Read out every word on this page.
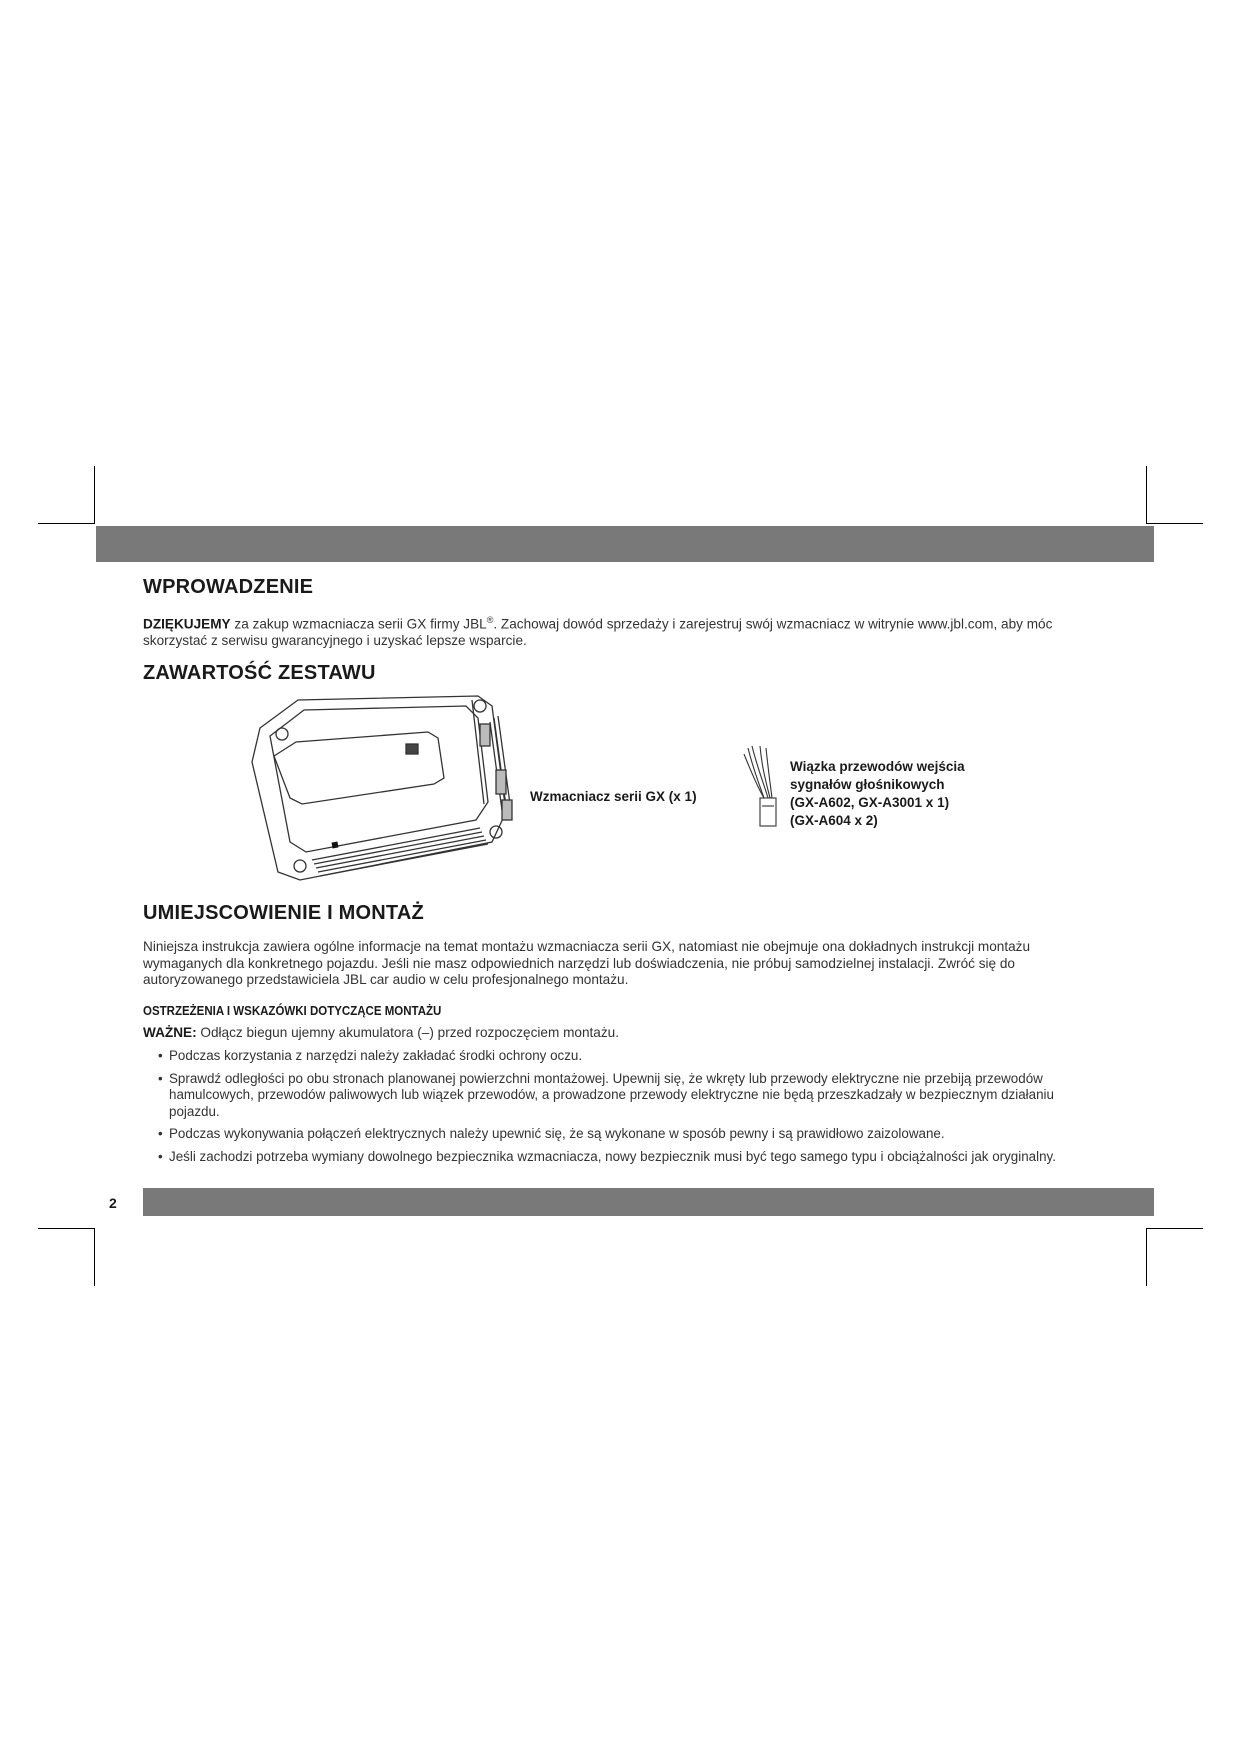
WPROWADZENIE
DZIĘKUJEMY za zakup wzmacniacza serii GX firmy JBL®. Zachowaj dowód sprzedaży i zarejestruj swój wzmacniacz w witrynie www.jbl.com, aby móc skorzystać z serwisu gwarancyjnego i uzyskać lepsze wsparcie.
ZAWARTOŚĆ ZESTAWU
Wzmacniacz serii GX (x 1)
Wiązka przewodów wejścia
sygnałów głośnikowych
(GX-A602, GX-A3001 x 1)
(GX-A604 x 2)
UMIEJSCOWIENIE I MONTAŻ
Niniejsza instrukcja zawiera ogólne informacje na temat montażu wzmacniacza serii GX, natomiast nie obejmuje ona dokładnych instrukcji montażu wymaganych dla konkretnego pojazdu. Jeśli nie masz odpowiednich narzędzi lub doświadczenia, nie próbuj samodzielnej instalacji. Zwróć się do autoryzowanego przedstawiciela JBL car audio w celu profesjonalnego montażu.
OSTRZEŻENIA I WSKAZÓWKI DOTYCZĄCE MONTAŻU
WAŻNE: Odłącz biegun ujemny akumulatora (–) przed rozpoczęciem montażu.
• Podczas korzystania z narzędzi należy zakładać środki ochrony oczu.
• Sprawdź odległości po obu stronach planowanej powierzchni montażowej. Upewnij się, że wkręty lub przewody elektryczne nie przebiją przewodów hamulcowych, przewodów paliwowych lub wiązek przewodów, a prowadzone przewody elektryczne nie będą przeszkadzały w bezpiecznym działaniu pojazdu.
• Podczas wykonywania połączeń elektrycznych należy upewnić się, że są wykonane w sposób pewny i są prawidłowo zaizolowane.
• Jeśli zachodzi potrzeba wymiany dowolnego bezpiecznika wzmacniacza, nowy bezpiecznik musi być tego samego typu i obciążalności jak oryginalny.
2
